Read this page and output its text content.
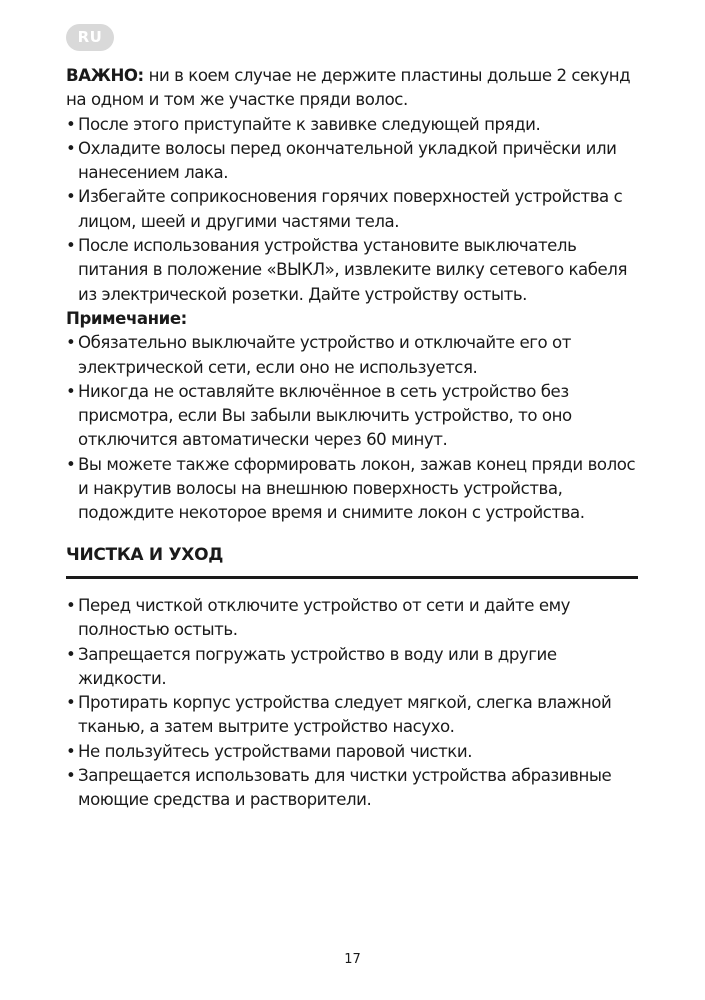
RU

ВАЖНО: ни в коем случае не держите пластины дольше 2 секунд на одном и том же участке пряди волос.

• После этого приступайте к завивке следующей пряди.

• Охладите волосы перед окончательной укладкой причёски или нанесением лака.

• Избегайте соприкосновения горячих поверхностей устройства с лицом, шеей и другими частями тела.

• После использования устройства установите выключатель питания в положение «ВЫКЛ», извлеките вилку сетевого кабеля из электрической розетки. Дайте устройству остыть.

Примечание:

• Обязательно выключайте устройство и отключайте его от электрической сети, если оно не используется.

• Никогда не оставляйте включённое в сеть устройство без присмотра, если Вы забыли выключить устройство, то оно отключится автоматически через 60 минут.

• Вы можете также сформировать локон, зажав конец пряди волос и накрутив волосы на внешнюю поверхность устройства, подождите некоторое время и снимите локон с устройства.

ЧИСТКА И УХОД

• Перед чисткой отключите устройство от сети и дайте ему полностью остыть.

• Запрещается погружать устройство в воду или в другие жидкости.

• Протирать корпус устройства следует мягкой, слегка влажной тканью, а затем вытрите устройство насухо.

• Не пользуйтесь устройствами паровой чистки.

• Запрещается использовать для чистки устройства абразивные моющие средства и растворители.

17
